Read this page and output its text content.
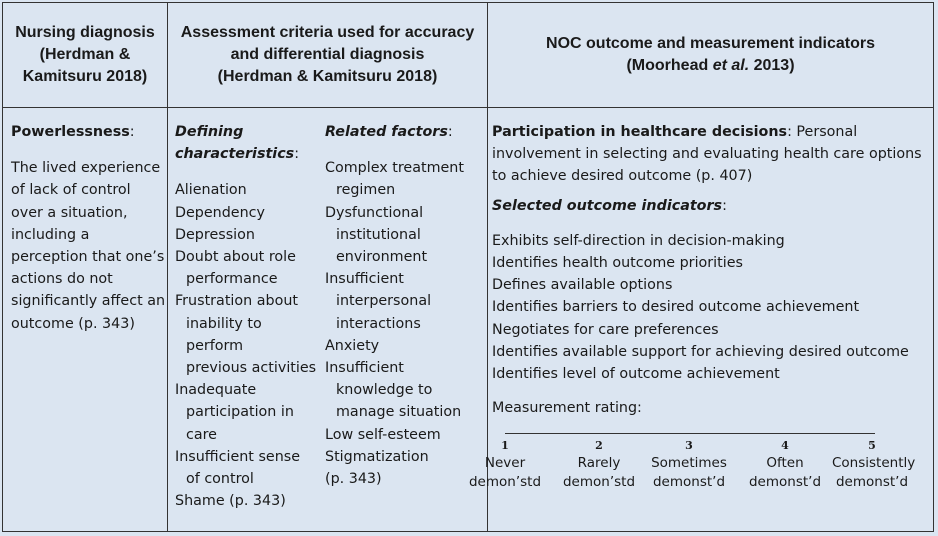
Nursing diagnosis
(Herdman &
Kamitsuru 2018)
Assessment criteria used for accuracy
and differential diagnosis
(Herdman & Kamitsuru 2018)
NOC outcome and measurement indicators
(Moorhead et al. 2013)
Powerlessness:
The lived experience
of lack of control
over a situation,
including a
perception that one’s
actions do not
significantly affect an
outcome (p. 343)
Defining
characteristics:
Alienation
Dependency
Depression
Doubt about role
performance
Frustration about
inability to
perform
previous activities
Inadequate
participation in
care
Insufficient sense
of control
Shame (p. 343)
Related factors:
Complex treatment
regimen
Dysfunctional
institutional
environment
Insufficient
interpersonal
interactions
Anxiety
Insufficient
knowledge to
manage situation
Low self-esteem
Stigmatization
(p. 343)
Participation in healthcare decisions: Personal
involvement in selecting and evaluating health care options
to achieve desired outcome (p. 407)
Selected outcome indicators:
Exhibits self-direction in decision-making
Identifies health outcome priorities
Defines available options
Identifies barriers to desired outcome achievement
Negotiates for care preferences
Identifies available support for achieving desired outcome
Identifies level of outcome achievement
Measurement rating:
1
Never
demon’std
2
Rarely
demon’std
3
Sometimes
demonst’d
4
Often
demonst’d
5
Consistently
demonst’d
